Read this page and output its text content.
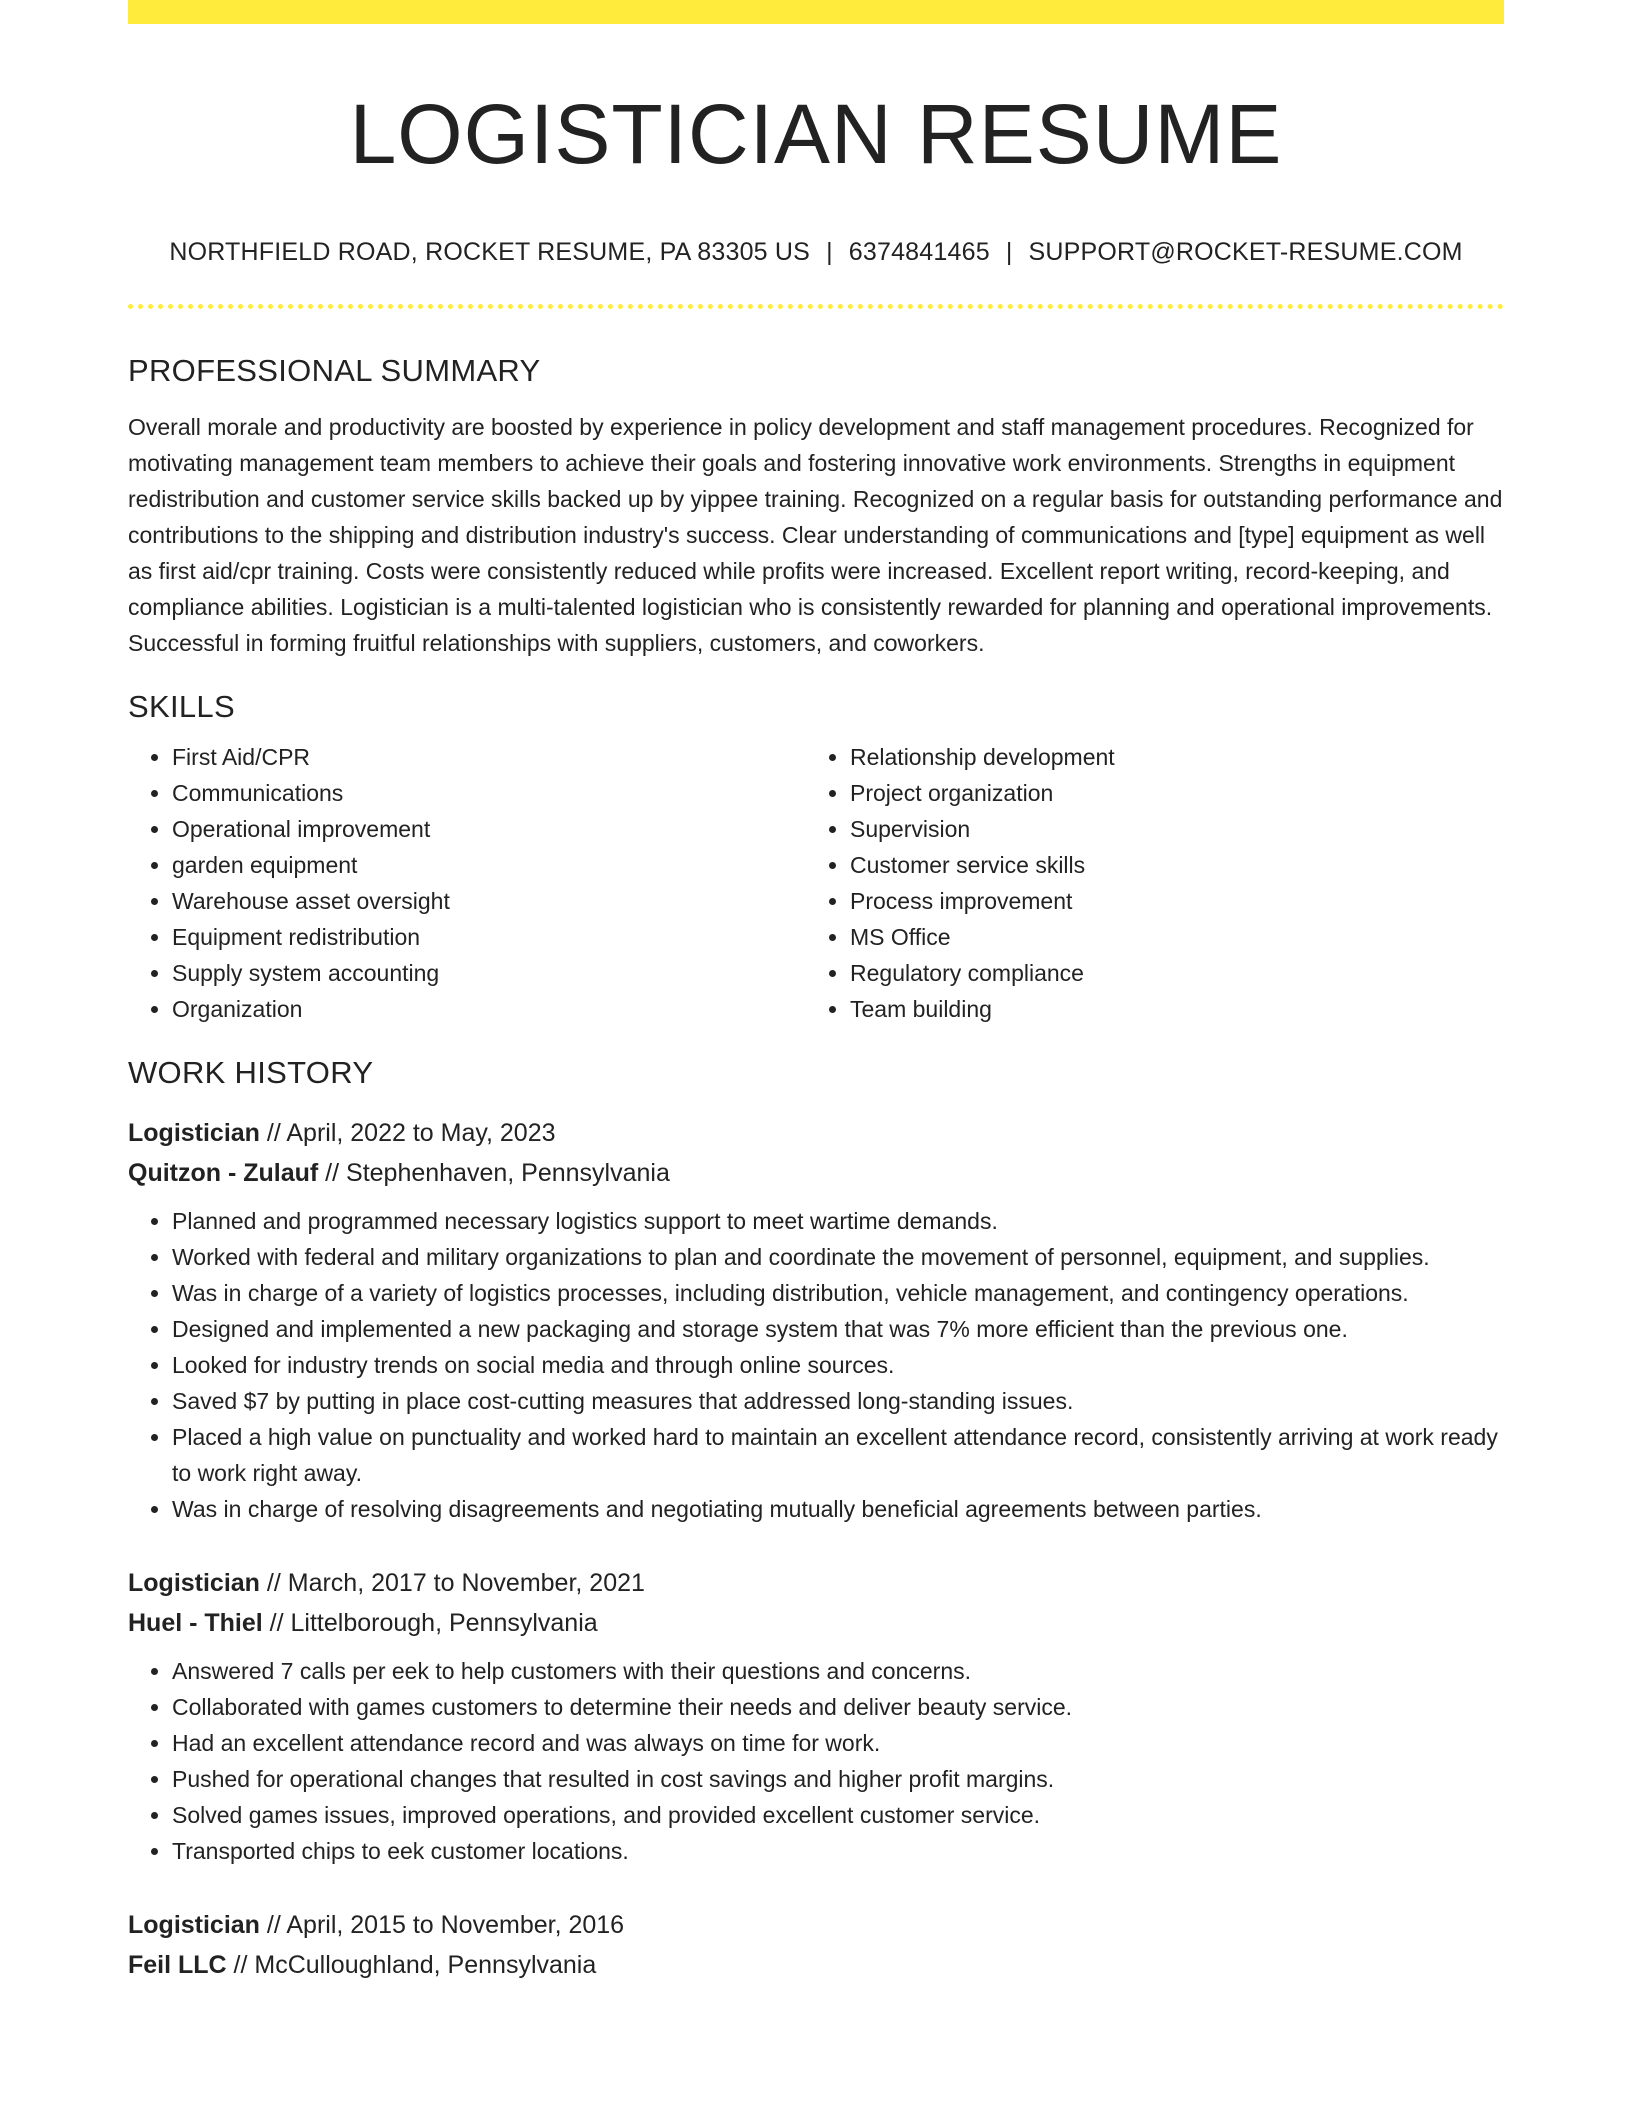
LOGISTICIAN RESUME
NORTHFIELD ROAD, ROCKET RESUME, PA 83305 US | 6374841465 | SUPPORT@ROCKET-RESUME.COM
PROFESSIONAL SUMMARY

Overall morale and productivity are boosted by experience in policy development and staff management procedures. Recognized for motivating management team members to achieve their goals and fostering innovative work environments. Strengths in equipment redistribution and customer service skills backed up by yippee training. Recognized on a regular basis for outstanding performance and contributions to the shipping and distribution industry's success. Clear understanding of communications and [type] equipment as well as first aid/cpr training. Costs were consistently reduced while profits were increased. Excellent report writing, record-keeping, and compliance abilities. Logistician is a multi-talented logistician who is consistently rewarded for planning and operational improvements. Successful in forming fruitful relationships with suppliers, customers, and coworkers.

SKILLS
• First Aid/CPR
• Communications
• Operational improvement
• garden equipment
• Warehouse asset oversight
• Equipment redistribution
• Supply system accounting
• Organization
• Relationship development
• Project organization
• Supervision
• Customer service skills
• Process improvement
• MS Office
• Regulatory compliance
• Team building
WORK HISTORY
Logistician // April, 2022 to May, 2023
Quitzon - Zulauf // Stephenhaven, Pennsylvania
• Planned and programmed necessary logistics support to meet wartime demands.
• Worked with federal and military organizations to plan and coordinate the movement of personnel, equipment, and supplies.
• Was in charge of a variety of logistics processes, including distribution, vehicle management, and contingency operations.
• Designed and implemented a new packaging and storage system that was 7% more efficient than the previous one.
• Looked for industry trends on social media and through online sources.
• Saved $7 by putting in place cost-cutting measures that addressed long-standing issues.
• Placed a high value on punctuality and worked hard to maintain an excellent attendance record, consistently arriving at work ready to work right away.
• Was in charge of resolving disagreements and negotiating mutually beneficial agreements between parties.
Logistician // March, 2017 to November, 2021
Huel - Thiel // Littelborough, Pennsylvania
• Answered 7 calls per eek to help customers with their questions and concerns.
• Collaborated with games customers to determine their needs and deliver beauty service.
• Had an excellent attendance record and was always on time for work.
• Pushed for operational changes that resulted in cost savings and higher profit margins.
• Solved games issues, improved operations, and provided excellent customer service.
• Transported chips to eek customer locations.
Logistician // April, 2015 to November, 2016
Feil LLC // McCulloughland, Pennsylvania
